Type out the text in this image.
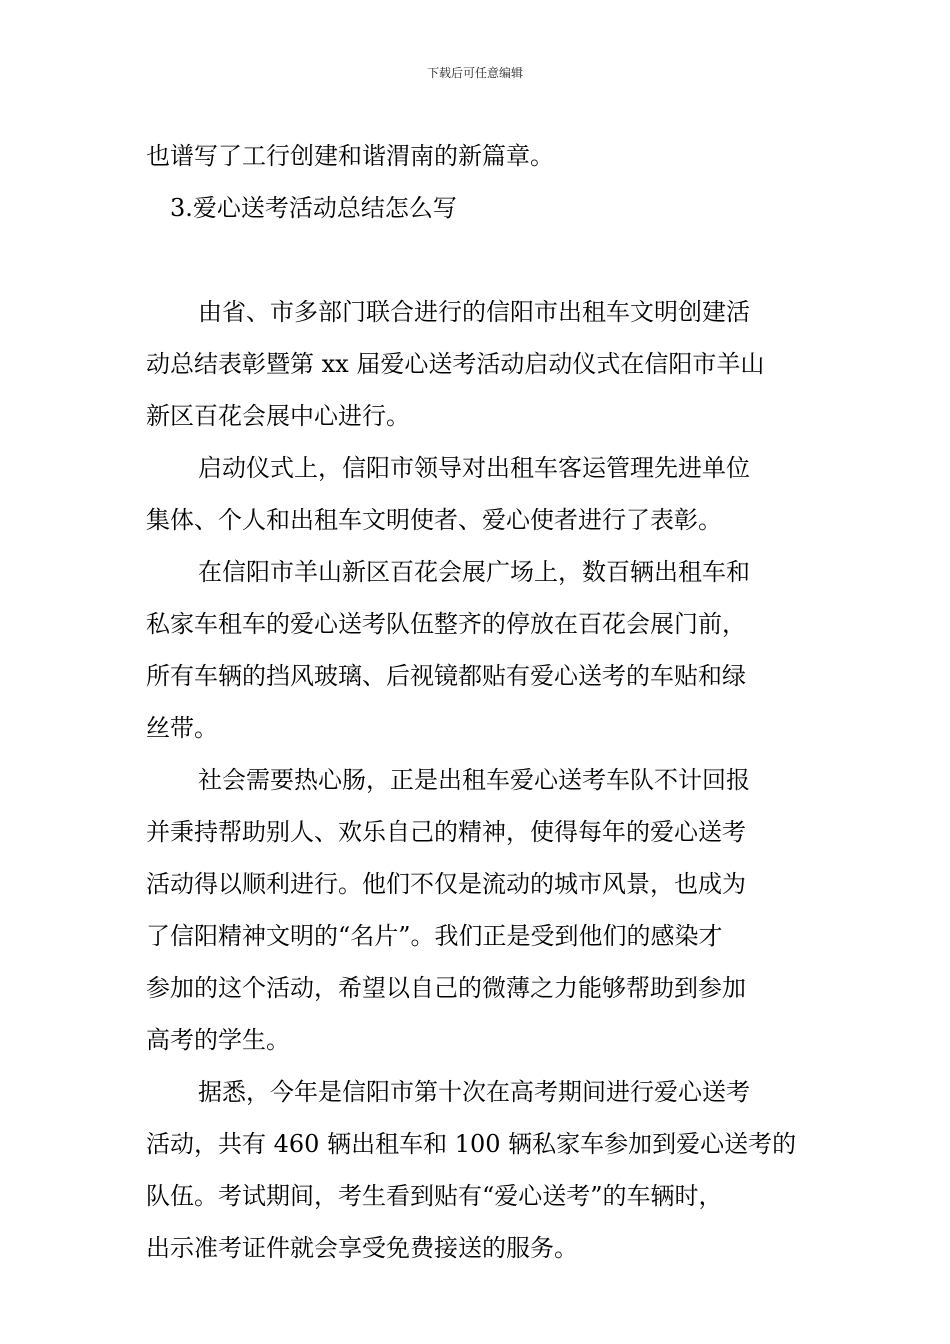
下载后可任意编辑
也谱写了工行创建和谐渭南的新篇章。
3.爱心送考活动总结怎么写
由省、市多部门联合进行的信阳市出租车文明创建活
动总结表彰暨第 xx 届爱心送考活动启动仪式在信阳市羊山
新区百花会展中心进行。
启动仪式上，信阳市领导对出租车客运管理先进单位
集体、个人和出租车文明使者、爱心使者进行了表彰。
在信阳市羊山新区百花会展广场上，数百辆出租车和
私家车租车的爱心送考队伍整齐的停放在百花会展门前，
所有车辆的挡风玻璃、后视镜都贴有爱心送考的车贴和绿
丝带。
社会需要热心肠，正是出租车爱心送考车队不计回报
并秉持帮助别人、欢乐自己的精神，使得每年的爱心送考
活动得以顺利进行。他们不仅是流动的城市风景，也成为
了信阳精神文明的“名片”。我们正是受到他们的感染才
参加的这个活动，希望以自己的微薄之力能够帮助到参加
高考的学生。
据悉，今年是信阳市第十次在高考期间进行爱心送考
活动，共有 460 辆出租车和 100 辆私家车参加到爱心送考的
队伍。考试期间，考生看到贴有“爱心送考”的车辆时，
出示准考证件就会享受免费接送的服务。
